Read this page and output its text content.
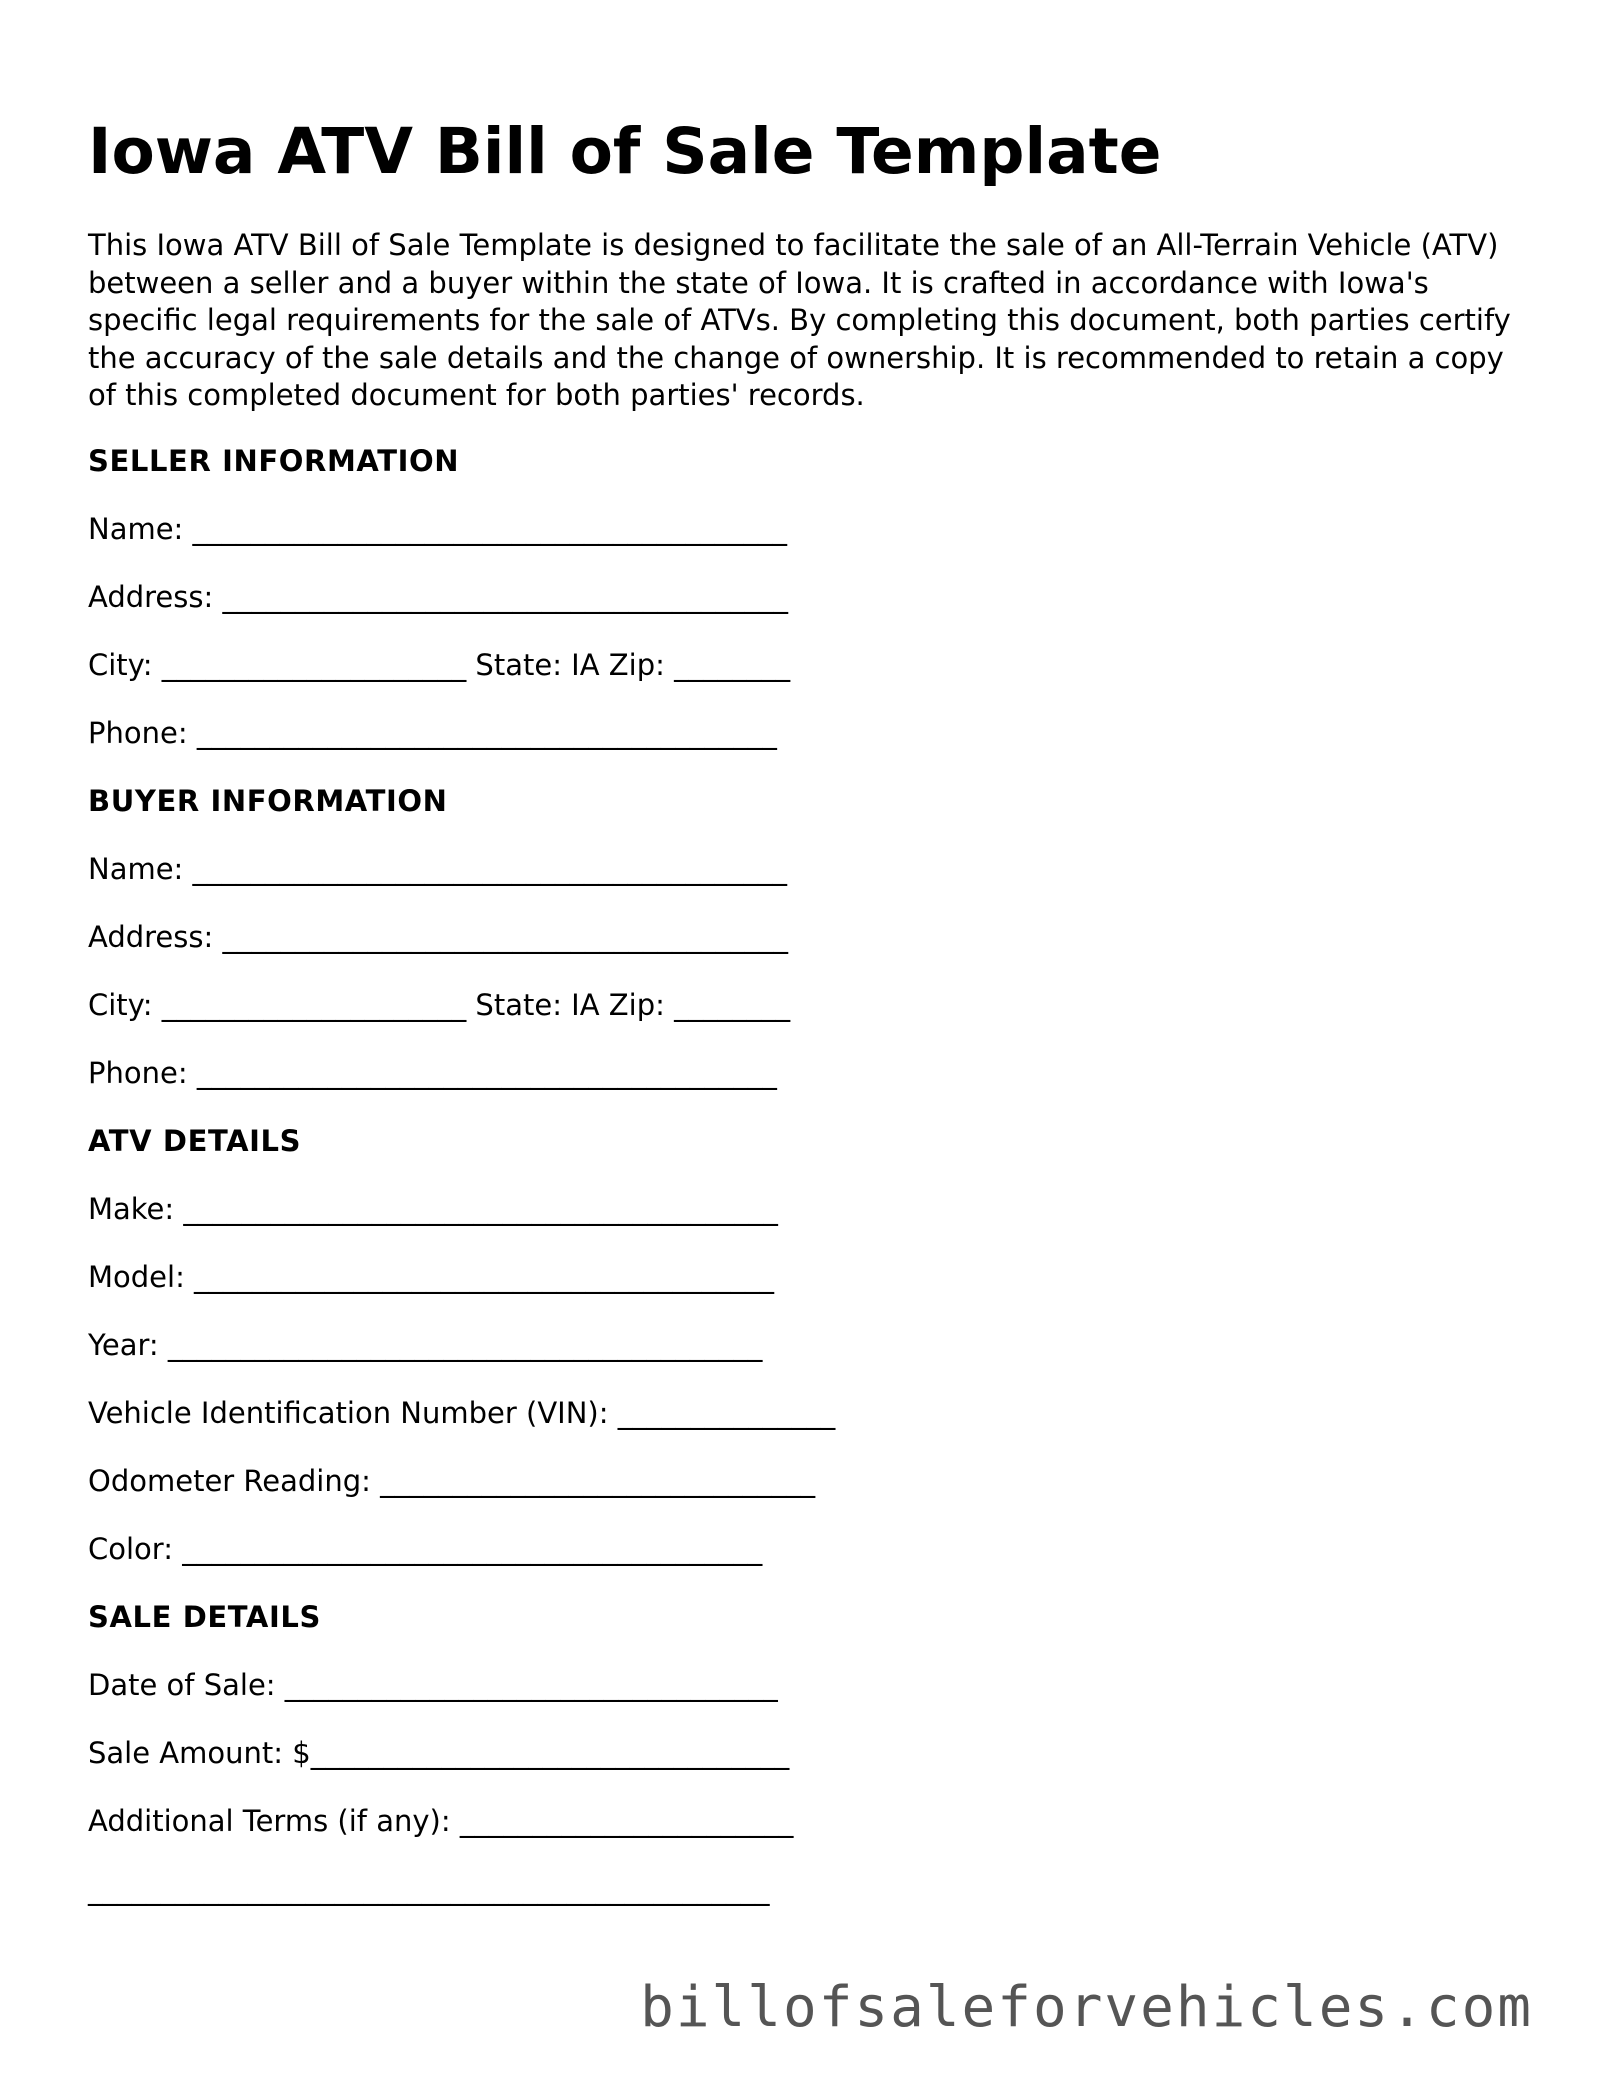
Iowa ATV Bill of Sale Template

This Iowa ATV Bill of Sale Template is designed to facilitate the sale of an All-Terrain Vehicle (ATV) between a seller and a buyer within the state of Iowa. It is crafted in accordance with Iowa's specific legal requirements for the sale of ATVs. By completing this document, both parties certify the accuracy of the sale details and the change of ownership. It is recommended to retain a copy of this completed document for both parties' records.

SELLER INFORMATION
Name: _________________________________________
Address: _______________________________________
City: _____________________ State: IA Zip: ________
Phone: ________________________________________
BUYER INFORMATION
Name: _________________________________________
Address: _______________________________________
City: _____________________ State: IA Zip: ________
Phone: ________________________________________
ATV DETAILS
Make: _________________________________________
Model: ________________________________________
Year: _________________________________________
Vehicle Identification Number (VIN): _______________
Odometer Reading: ______________________________
Color: ________________________________________
SALE DETAILS
Date of Sale: __________________________________
Sale Amount: $_________________________________
Additional Terms (if any): _______________________
_______________________________________________
billofsaleforvehicles.com
